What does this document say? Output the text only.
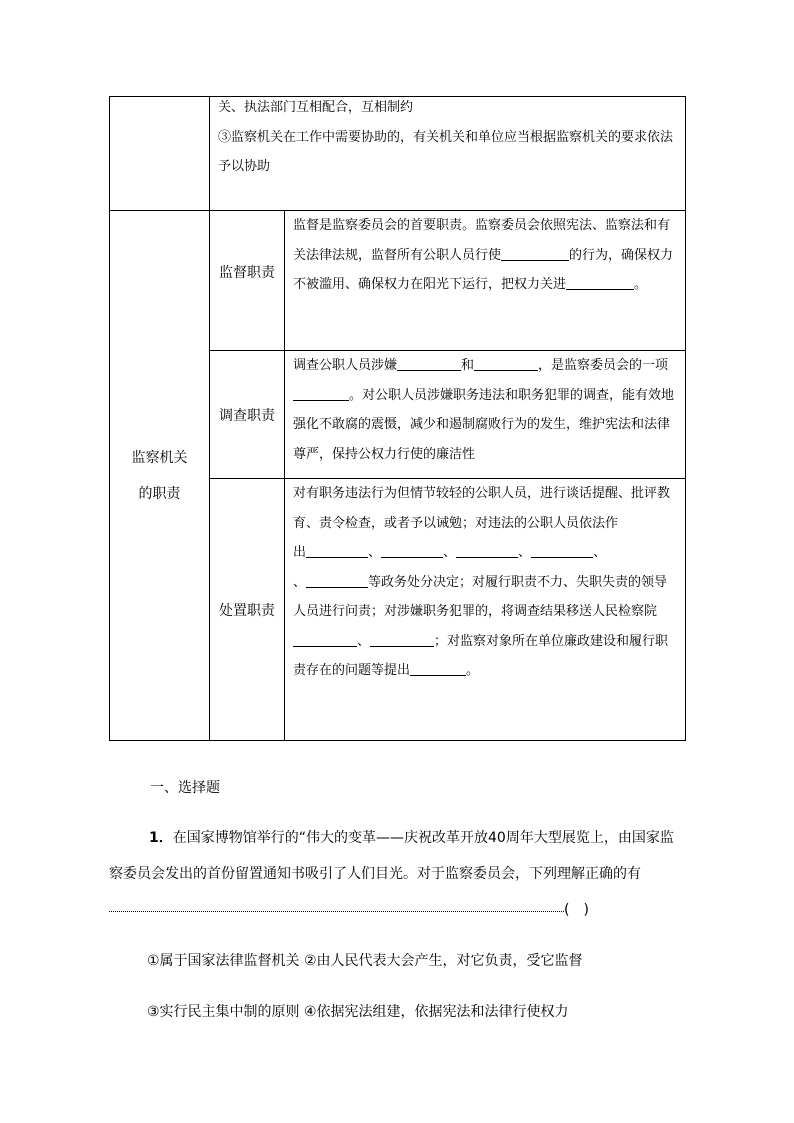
	关、执法部门互相配合，互相制约
③监察机关在工作中需要协助的，有关机关和单位应当根据监察机关的要求依法予以协助	

监察机关
的职责	监督职责	监督是监察委员会的首要职责。监察委员会依照宪法、监察法和有关法律法规，监督所有公职人员行使 的行为，确保权力不被滥用、确保权力在阳光下运行，把权力关进 。

	调查职责	调查公职人员涉嫌 和 ，是监察委员会的一项。对公职人员涉嫌职务违法和职务犯罪的调查，能有效地强化不敢腐的震慑，减少和遏制腐败行为的发生，维护宪法和法律尊严，保持公权力行使的廉洁性

	处置职责	对有职务违法行为但情节较轻的公职人员，进行谈话提醒、批评教育、责令检查，或者予以诫勉；对违法的公职人员依法作
出 、 、 、 、
、 等政务处分决定；对履行职责不力、失职失责的领导人员进行问责；对涉嫌职务犯罪的，将调查结果移送人民检察院、 ；对监察对象所在单位廉政建设和履行职责存在的问题等提出 。
一、选择题
1．在国家博物馆举行的“伟大的变革——庆祝改革开放40周年大型展览上，由国家监察委员会发出的首份留置通知书吸引了人们目光。对于监察委员会，下列理解正确的有(　)
①属于国家法律监督机关 ②由人民代表大会产生，对它负责，受它监督
③实行民主集中制的原则 ④依据宪法组建，依据宪法和法律行使权力
